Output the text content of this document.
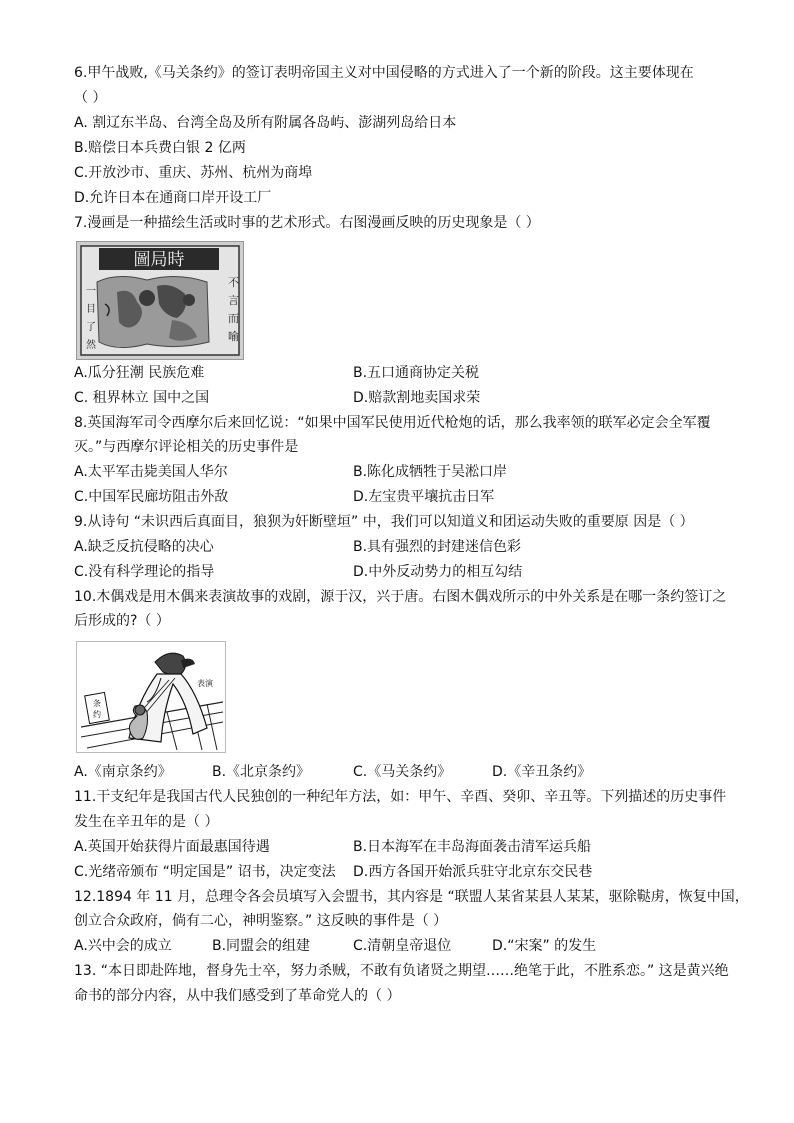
6.甲午战败,《马关条约》的签订表明帝国主义对中国侵略的方式进入了一个新的阶段。这主要体现在
（ ）
A. 割辽东半岛、台湾全岛及所有附属各岛屿、澎湖列岛给日本
B.赔偿日本兵费白银 2 亿两
C.开放沙市、重庆、苏州、杭州为商埠
D.允许日本在通商口岸开设工厂
7.漫画是一种描绘生活或时事的艺术形式。右图漫画反映的历史现象是（ ）
圖局時
不 言 而 喻
一 目 了 然
A.瓜分狂潮 民族危难	B.五口通商协定关税
C. 租界林立 国中之国	D.赔款割地卖国求荣
8.英国海军司令西摩尔后来回忆说：“如果中国军民使用近代枪炮的话，那么我率领的联军必定会全军覆
灭。”与西摩尔评论相关的历史事件是
A.太平军击毙美国人华尔	B.陈化成牺牲于吴淞口岸
C.中国军民廊坊阻击外敌	D.左宝贵平壤抗击日军
9.从诗句 “未识西后真面目，狼狈为奸断壁垣” 中，我们可以知道义和团运动失败的重要原 因是（ ）
A.缺乏反抗侵略的决心	B.具有强烈的封建迷信色彩
C.没有科学理论的指导	D.中外反动势力的相互勾结
10.木偶戏是用木偶来表演故事的戏剧，源于汉，兴于唐。右图木偶戏所示的中外关系是在哪一条约签订之
后形成的?（ ）
条
约
表演
A.《南京条约》	B.《北京条约》	C.《马关条约》	D.《辛丑条约》
11.干支纪年是我国古代人民独创的一种纪年方法，如：甲午、辛酉、癸卯、辛丑等。下列描述的历史事件
发生在辛丑年的是（ ）
A.英国开始获得片面最惠国待遇	B.日本海军在丰岛海面袭击清军运兵船
C.光绪帝颁布 “明定国是” 诏书，决定变法 D.西方各国开始派兵驻守北京东交民巷
12.1894 年 11 月，总理令各会员填写入会盟书，其内容是 “联盟人某省某县人某某，驱除鞑虏，恢复中国，
创立合众政府，倘有二心，神明鉴察。” 这反映的事件是（ ）
A.兴中会的成立	B.同盟会的组建	C.清朝皇帝退位	D.“宋案” 的发生
13. “本日即赴阵地，督身先士卒，努力杀贼，不敢有负诸贤之期望……绝笔于此，不胜系恋。” 这是黄兴绝
命书的部分内容，从中我们感受到了革命党人的（ ）
